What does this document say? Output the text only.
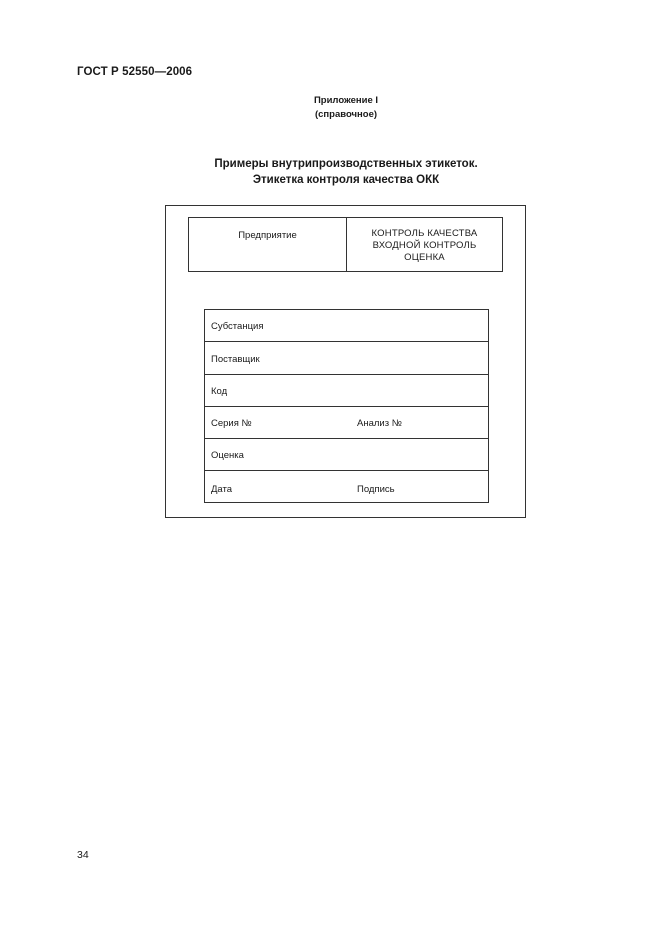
ГОСТ Р 52550—2006
Приложение I
(справочное)
Примеры внутрипроизводственных этикеток.
Этикетка контроля качества ОКК
Предприятие	КОНТРОЛЬ КАЧЕСТВА
ВХОДНОЙ КОНТРОЛЬ
ОЦЕНКА
Субстанция
Поставщик
Код
Серия №	Анализ №
Оценка
Дата	Подпись
34
